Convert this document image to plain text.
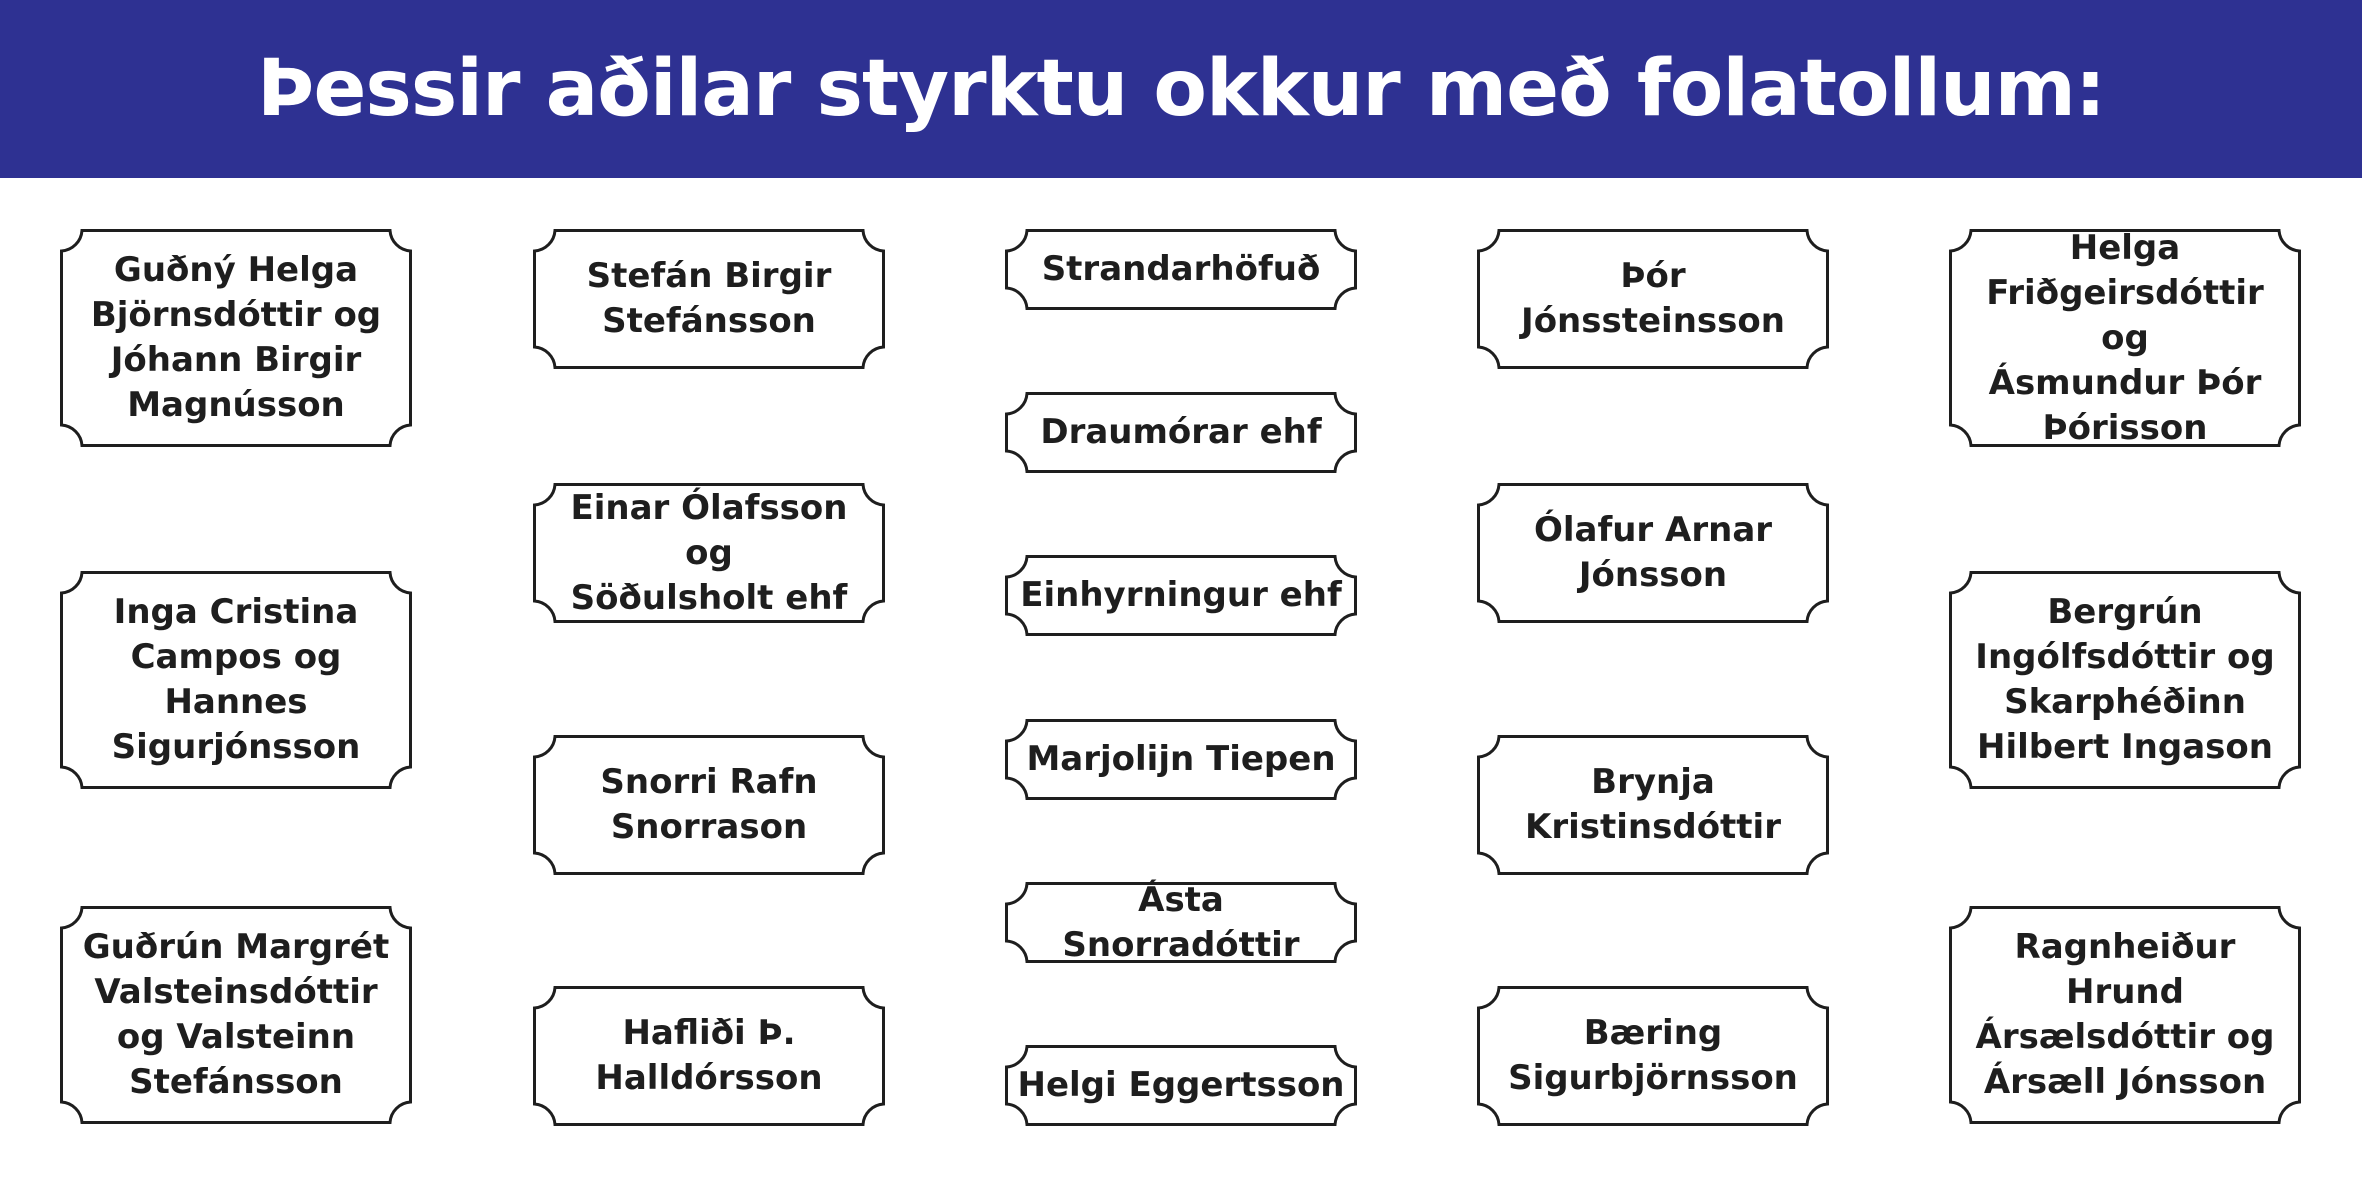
Þessir aðilar styrktu okkur með folatollum:
Guðný Helga
Björnsdóttir og
Jóhann Birgir
Magnússon
Inga Cristina
Campos og Hannes
Sigurjónsson
Guðrún Margrét
Valsteinsdóttir
og Valsteinn
Stefánsson
Stefán Birgir
Stefánsson
Einar Ólafsson og
Söðulsholt ehf
Snorri Rafn
Snorrason
Hafliði Þ.
Halldórsson
Strandarhöfuð
Draumórar ehf
Einhyrningur ehf
Marjolijn Tiepen
Ásta Snorradóttir
Helgi Eggertsson
Þór
Jónssteinsson
Ólafur Arnar
Jónsson
Brynja
Kristinsdóttir
Bæring
Sigurbjörnsson
Helga
Friðgeirsdóttir og
Ásmundur Þór
Þórisson
Bergrún
Ingólfsdóttir og
Skarphéðinn
Hilbert Ingason
Ragnheiður Hrund
Ársælsdóttir og
Ársæll Jónsson
